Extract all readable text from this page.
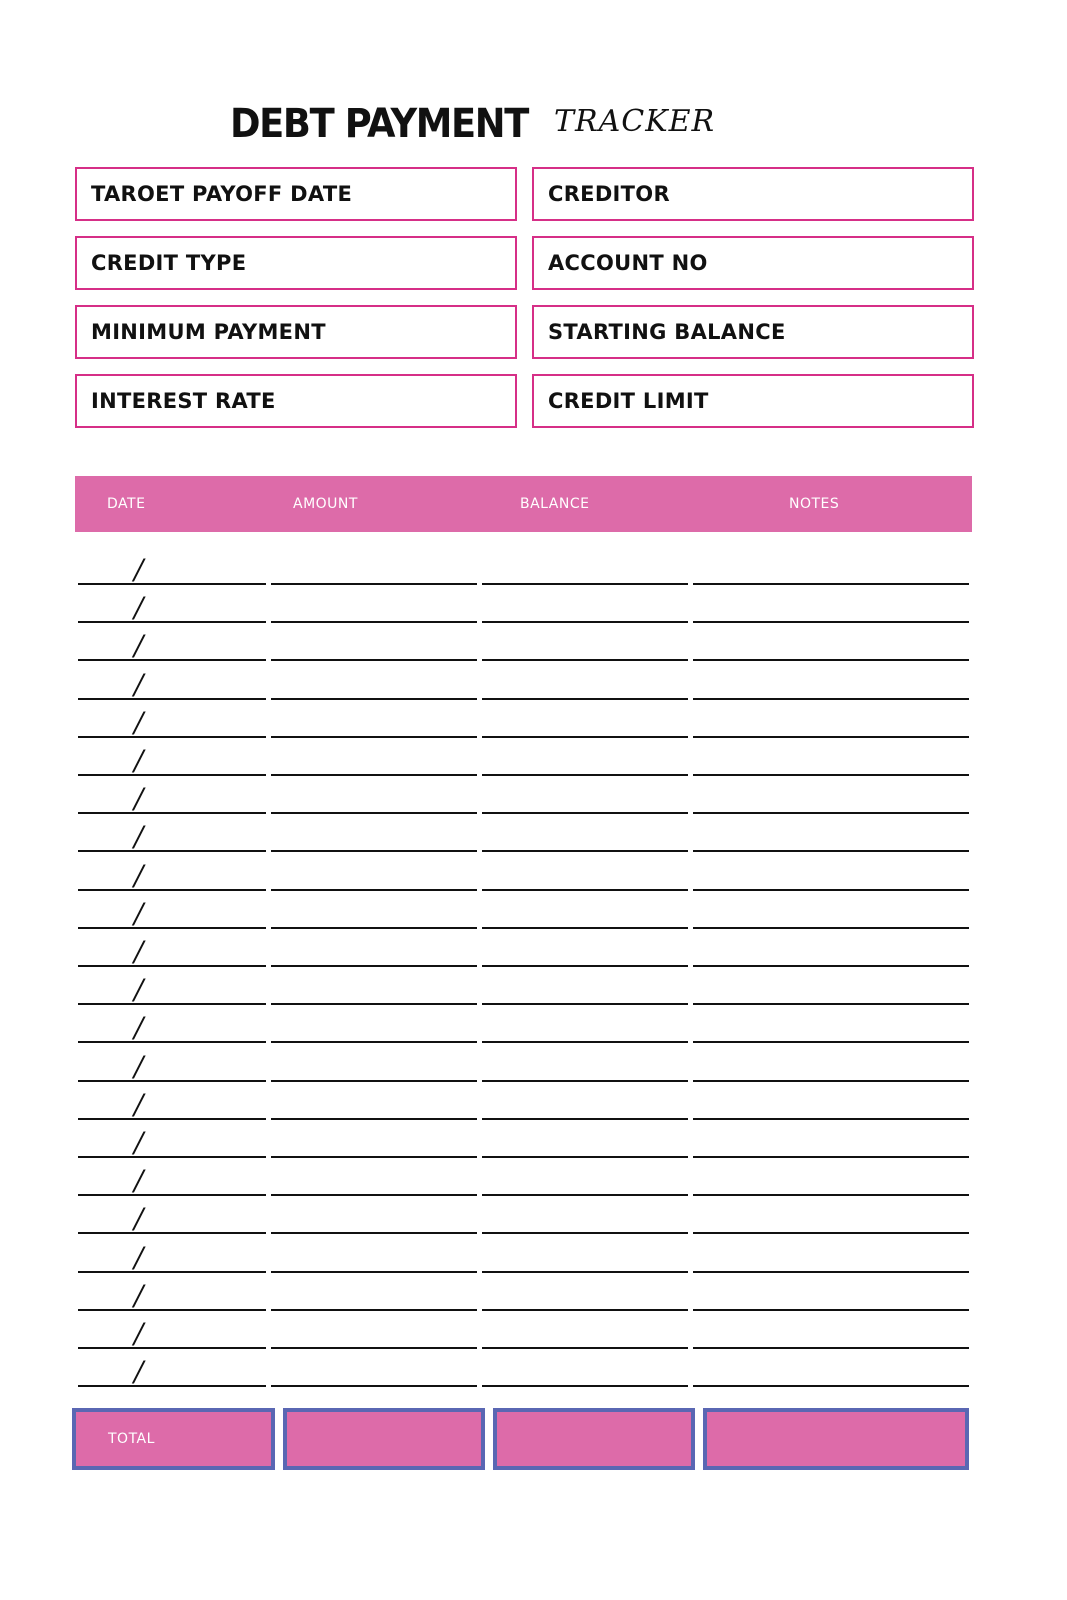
DEBT PAYMENT TRACKER
TAROET PAYOFF DATE	CREDITOR
CREDIT TYPE	ACCOUNT NO
MINIMUM PAYMENT	STARTING BALANCE
INTEREST RATE	CREDIT LIMIT
DATE	AMOUNT	BALANCE	NOTES
/
/
/
/
/
/
/
/
/
/
/
/
/
/
/
/
/
/
/
/
/
/
TOTAL
